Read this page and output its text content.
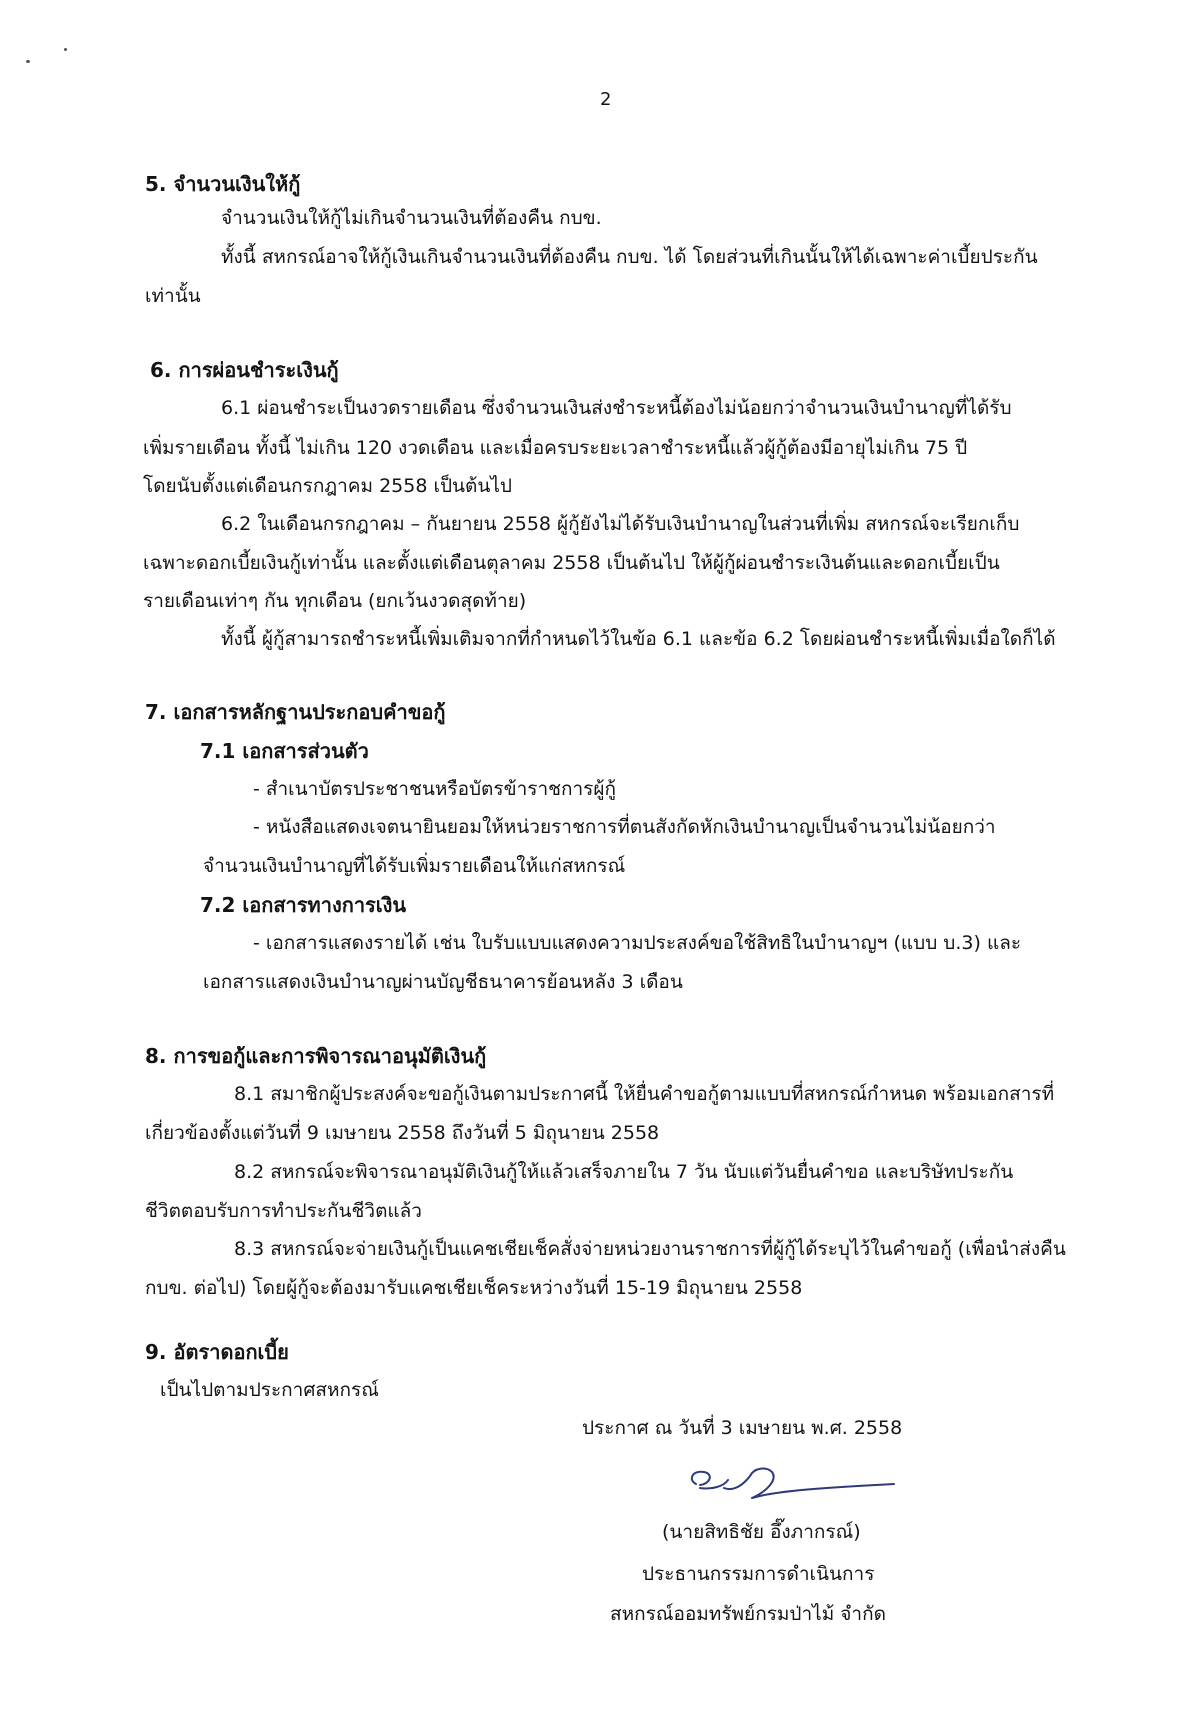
2
5. จำนวนเงินให้กู้
จำนวนเงินให้กู้ไม่เกินจำนวนเงินที่ต้องคืน กบข.
ทั้งนี้ สหกรณ์อาจให้กู้เงินเกินจำนวนเงินที่ต้องคืน กบข. ได้ โดยส่วนที่เกินนั้นให้ได้เฉพาะค่าเบี้ยประกัน
เท่านั้น
6. การผ่อนชำระเงินกู้
6.1 ผ่อนชำระเป็นงวดรายเดือน ซึ่งจำนวนเงินส่งชำระหนี้ต้องไม่น้อยกว่าจำนวนเงินบำนาญที่ได้รับ
เพิ่มรายเดือน ทั้งนี้ ไม่เกิน 120 งวดเดือน และเมื่อครบระยะเวลาชำระหนี้แล้วผู้กู้ต้องมีอายุไม่เกิน 75 ปี
โดยนับตั้งแต่เดือนกรกฎาคม 2558 เป็นต้นไป
6.2 ในเดือนกรกฎาคม – กันยายน 2558 ผู้กู้ยังไม่ได้รับเงินบำนาญในส่วนที่เพิ่ม สหกรณ์จะเรียกเก็บ
เฉพาะดอกเบี้ยเงินกู้เท่านั้น และตั้งแต่เดือนตุลาคม 2558 เป็นต้นไป ให้ผู้กู้ผ่อนชำระเงินต้นและดอกเบี้ยเป็น
รายเดือนเท่าๆ กัน ทุกเดือน (ยกเว้นงวดสุดท้าย)
ทั้งนี้ ผู้กู้สามารถชำระหนี้เพิ่มเติมจากที่กำหนดไว้ในข้อ 6.1 และข้อ 6.2 โดยผ่อนชำระหนี้เพิ่มเมื่อใดก็ได้
7. เอกสารหลักฐานประกอบคำขอกู้
7.1 เอกสารส่วนตัว
- สำเนาบัตรประชาชนหรือบัตรข้าราชการผู้กู้
- หนังสือแสดงเจตนายินยอมให้หน่วยราชการที่ตนสังกัดหักเงินบำนาญเป็นจำนวนไม่น้อยกว่า
จำนวนเงินบำนาญที่ได้รับเพิ่มรายเดือนให้แก่สหกรณ์
7.2 เอกสารทางการเงิน
- เอกสารแสดงรายได้ เช่น ใบรับแบบแสดงความประสงค์ขอใช้สิทธิในบำนาญฯ (แบบ บ.3) และ
เอกสารแสดงเงินบำนาญผ่านบัญชีธนาคารย้อนหลัง 3 เดือน
8. การขอกู้และการพิจารณาอนุมัติเงินกู้
8.1 สมาชิกผู้ประสงค์จะขอกู้เงินตามประกาศนี้ ให้ยื่นคำขอกู้ตามแบบที่สหกรณ์กำหนด พร้อมเอกสารที่
เกี่ยวข้องตั้งแต่วันที่ 9 เมษายน 2558 ถึงวันที่ 5 มิถุนายน 2558
8.2 สหกรณ์จะพิจารณาอนุมัติเงินกู้ให้แล้วเสร็จภายใน 7 วัน นับแต่วันยื่นคำขอ และบริษัทประกัน
ชีวิตตอบรับการทำประกันชีวิตแล้ว
8.3 สหกรณ์จะจ่ายเงินกู้เป็นแคชเชียเช็คสั่งจ่ายหน่วยงานราชการที่ผู้กู้ได้ระบุไว้ในคำขอกู้ (เพื่อนำส่งคืน
กบข. ต่อไป) โดยผู้กู้จะต้องมารับแคชเชียเช็คระหว่างวันที่ 15-19 มิถุนายน 2558
9. อัตราดอกเบี้ย
เป็นไปตามประกาศสหกรณ์
ประกาศ ณ วันที่ 3 เมษายน พ.ศ. 2558
(นายสิทธิชัย อึ๊งภากรณ์)
ประธานกรรมการดำเนินการ
สหกรณ์ออมทรัพย์กรมป่าไม้ จำกัด
